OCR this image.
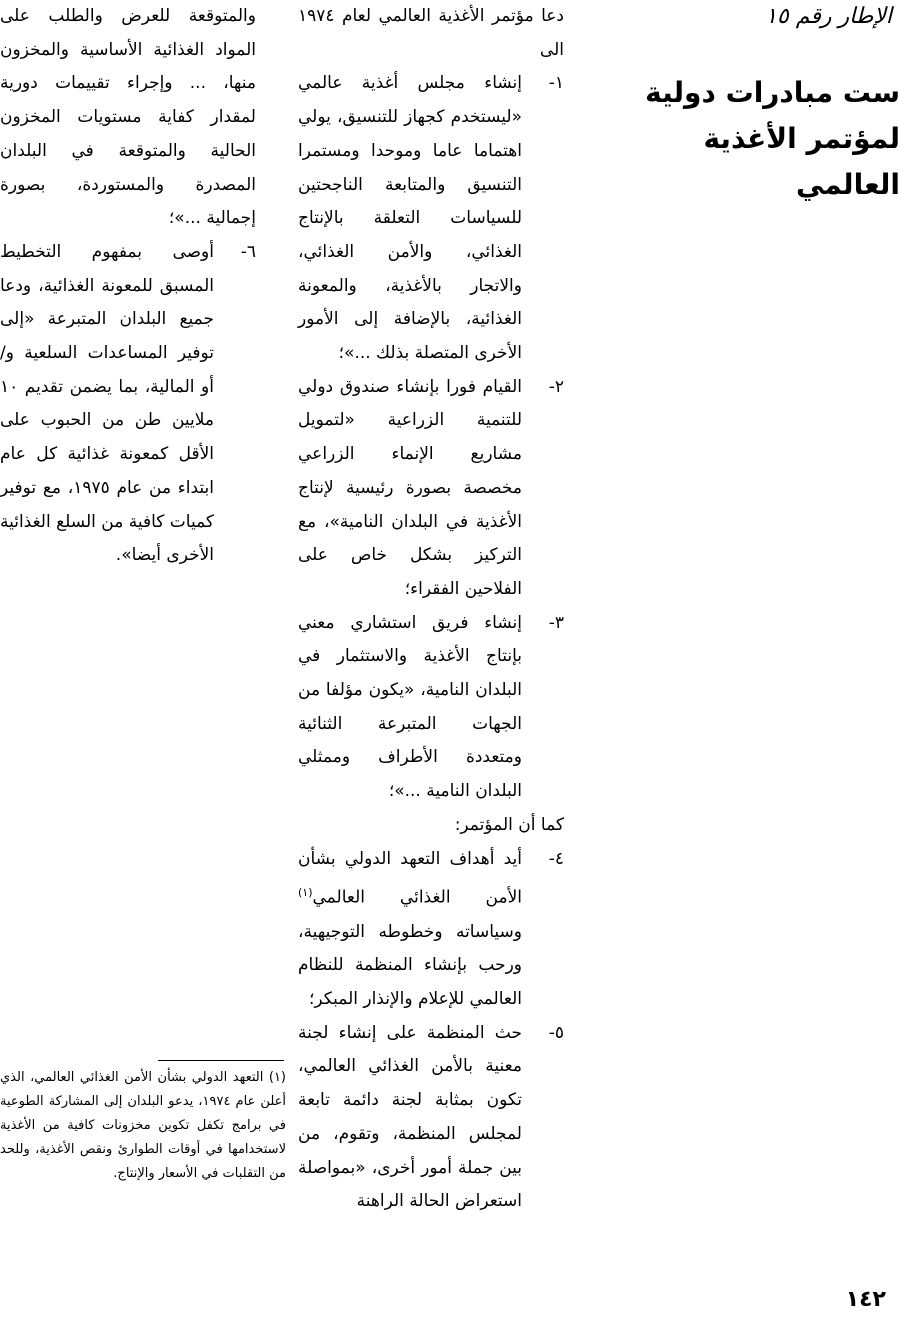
الإطار رقم ١٥
ست مبادرات دولية لمؤتمر الأغذية العالمي

دعا مؤتمر الأغذية العالمي لعام ١٩٧٤ الى

١-
إنشاء مجلس أغذية عالمي «ليستخدم كجهاز للتنسيق، يولي اهتماما عاما وموحدا ومستمرا التنسيق والمتابعة الناجحتين للسياسات التعلقة بالإنتاج الغذائي، والأمن الغذائي، والاتجار بالأغذية، والمعونة الغذائية، بالإضافة إلى الأمور الأخرى المتصلة بذلك ...»؛
٢-
القيام فورا بإنشاء صندوق دولي للتنمية الزراعية «لتمويل مشاريع الإنماء الزراعي مخصصة بصورة رئيسية لإنتاج الأغذية في البلدان النامية»، مع التركيز بشكل خاص على الفلاحين الفقراء؛
٣-
إنشاء فريق استشاري معني بإنتاج الأغذية والاستثمار في البلدان النامية، «يكون مؤلفا من الجهات المتبرعة الثنائية ومتعددة الأطراف وممثلي البلدان النامية ...»؛

كما أن المؤتمر:

٤-
أيد أهداف التعهد الدولي بشأن الأمن الغذائي العالمي$^{(١)}$ وسياساته وخطوطه التوجيهية، ورحب بإنشاء المنظمة للنظام العالمي للإعلام والإنذار المبكر؛
٥-
حث المنظمة على إنشاء لجنة معنية بالأمن الغذائي العالمي، تكون بمثابة لجنة دائمة تابعة لمجلس المنظمة، وتقوم، من بين جملة أمور أخرى، «بمواصلة استعراض الحالة الراهنة

والمتوقعة للعرض والطلب على المواد الغذائية الأساسية والمخزون منها، ... وإجراء تقييمات دورية لمقدار كفاية مستويات المخزون الحالية والمتوقعة في البلدان المصدرة والمستوردة، بصورة إجمالية ...»؛

٦-
أوصى بمفهوم التخطيط المسبق للمعونة الغذائية، ودعا جميع البلدان المتبرعة «إلى توفير المساعدات السلعية و/ أو المالية، بما يضمن تقديم ١٠ ملايين طن من الحبوب على الأقل كمعونة غذائية كل عام ابتداء من عام ١٩٧٥، مع توفير كميات كافية من السلع الغذائية الأخرى أيضا».
(١) التعهد الدولي بشأن الأمن الغذائي العالمي، الذي أعلن عام ١٩٧٤، يدعو البلدان إلى المشاركة الطوعية في برامج تكفل تكوين مخزونات كافية من الأغذية لاستخدامها في أوقات الطوارئ ونقص الأغذية، وللحد من التقلبات في الأسعار والإنتاج.
١٤٢
